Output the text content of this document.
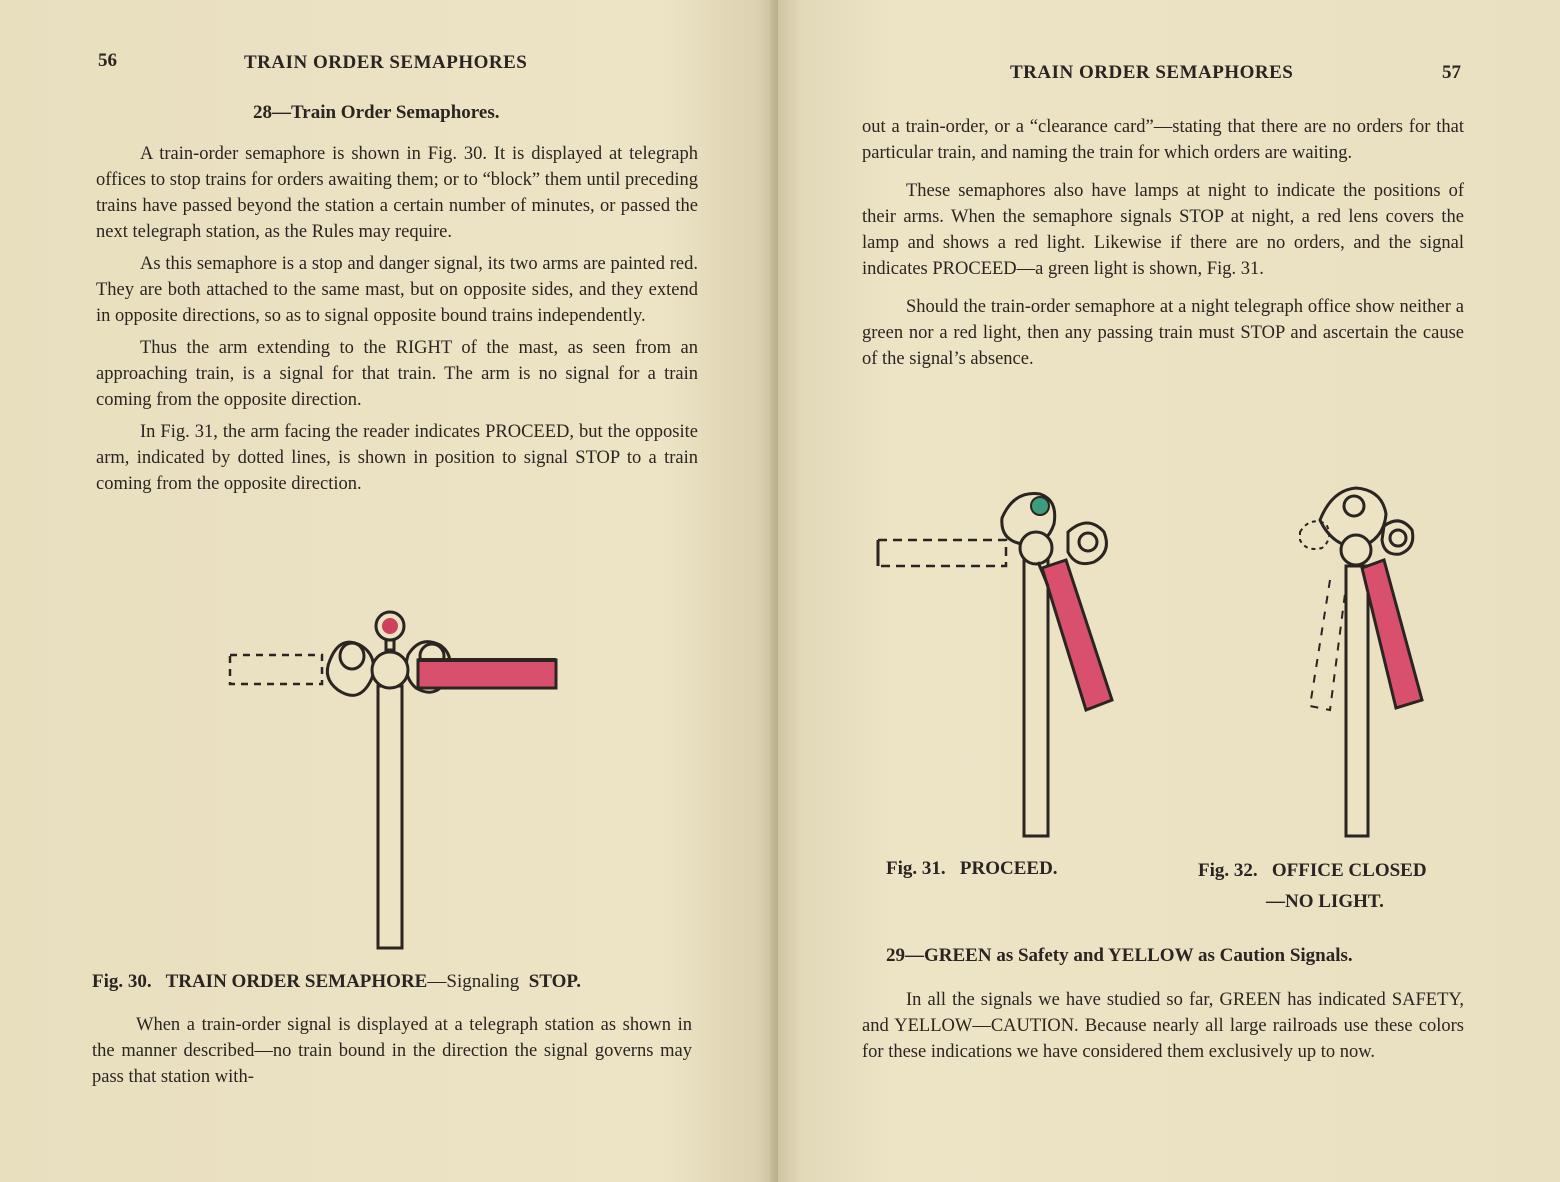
56	TRAIN ORDER SEMAPHORES
28—Train Order Semaphores.

A train-order semaphore is shown in Fig. 30. It is displayed at telegraph offices to stop trains for orders awaiting them; or to “block” them until preceding trains have passed beyond the station a certain number of minutes, or passed the next telegraph station, as the Rules may require.

As this semaphore is a stop and danger signal, its two arms are painted red. They are both attached to the same mast, but on opposite sides, and they extend in opposite directions, so as to signal opposite bound trains independently.

Thus the arm extending to the RIGHT of the mast, as seen from an approaching train, is a signal for that train. The arm is no signal for a train coming from the opposite direction.

In Fig. 31, the arm facing the reader indicates PROCEED, but the opposite arm, indicated by dotted lines, is shown in position to signal STOP to a train coming from the opposite direction.

Fig. 30. TRAIN ORDER SEMAPHORE—Signaling STOP.

When a train-order signal is displayed at a telegraph station as shown in the manner described—no train bound in the direction the signal governs may pass that station with-

TRAIN ORDER SEMAPHORES	57

out a train-order, or a “clearance card”—stating that there are no orders for that particular train, and naming the train for which orders are waiting.

These semaphores also have lamps at night to indicate the positions of their arms. When the semaphore signals STOP at night, a red lens covers the lamp and shows a red light. Likewise if there are no orders, and the signal indicates PROCEED—a green light is shown, Fig. 31.

Should the train-order semaphore at a night telegraph office show neither a green nor a red light, then any passing train must STOP and ascertain the cause of the signal’s absence.

Fig. 31. PROCEED.	Fig. 32. OFFICE CLOSED
—NO LIGHT.
29—GREEN as Safety and YELLOW as Caution Signals.

In all the signals we have studied so far, GREEN has indicated SAFETY, and YELLOW—CAUTION. Because nearly all large railroads use these colors for these indications we have considered them exclusively up to now.
